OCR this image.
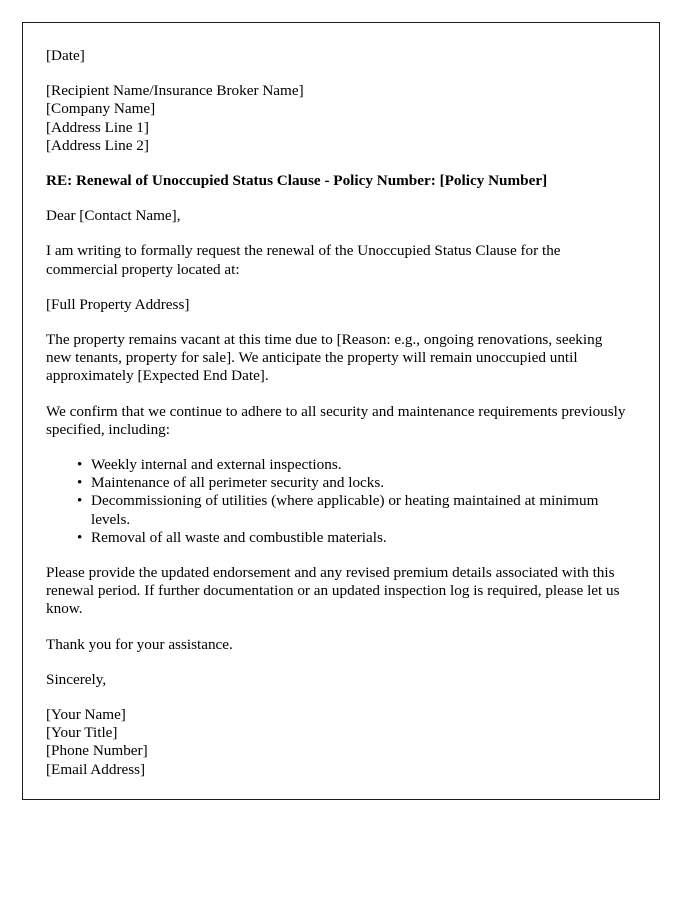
[Date]

[Recipient Name/Insurance Broker Name]
[Company Name]
[Address Line 1]
[Address Line 2]

RE: Renewal of Unoccupied Status Clause - Policy Number: [Policy Number]

Dear [Contact Name],

I am writing to formally request the renewal of the Unoccupied Status Clause for the commercial property located at:

[Full Property Address]

The property remains vacant at this time due to [Reason: e.g., ongoing renovations, seeking new tenants, property for sale]. We anticipate the property will remain unoccupied until approximately [Expected End Date].

We confirm that we continue to adhere to all security and maintenance requirements previously specified, including:

• Weekly internal and external inspections.
• Maintenance of all perimeter security and locks.
• Decommissioning of utilities (where applicable) or heating maintained at minimum levels.
• Removal of all waste and combustible materials.

Please provide the updated endorsement and any revised premium details associated with this renewal period. If further documentation or an updated inspection log is required, please let us know.

Thank you for your assistance.

Sincerely,

[Your Name]
[Your Title]
[Phone Number]
[Email Address]
